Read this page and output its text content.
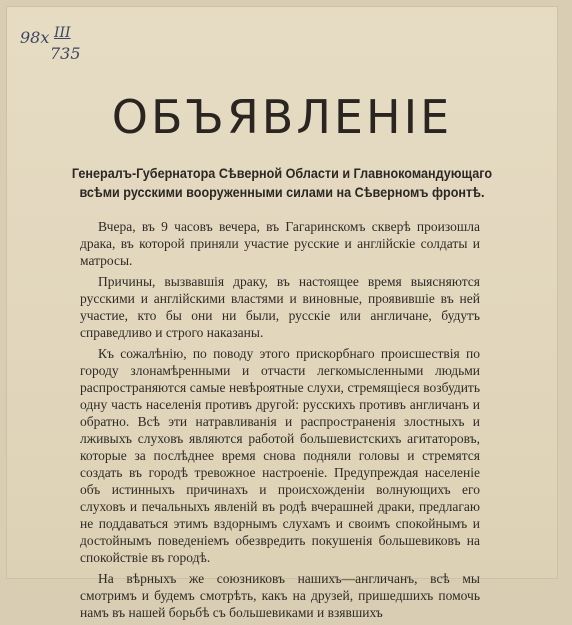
98х III
735
ОБЪЯВЛЕНIЕ
Генералъ-Губернатора Сѣверной Области и Главнокомандующаго всѣми русскими вооруженными силами на Сѣверномъ фронтѣ.

Вчера, въ 9 часовъ вечера, въ Гагаринскомъ скверѣ произошла драка, въ которой приняли участие русские и англійскіе солдаты и матросы.

Причины, вызвавшія драку, въ настоящее время выясняются русскими и англійскими властями и виновные, проявившіе въ ней участие, кто бы они ни были, русскіе или англичане, будутъ справедливо и строго наказаны.

Къ сожалѣнію, по поводу этого прискорбнаго происшествія по городу злонамѣренными и отчасти легкомысленными людьми распространяются самые невѣроятные слухи, стремящіеся возбудить одну часть населенія противъ другой: русскихъ противъ англичанъ и обратно. Всѣ эти натравливанія и распространенія злостныхъ и лживыхъ слуховъ являются работой большевистскихъ агитаторовъ, которые за послѣднее время снова подняли головы и стремятся создать въ городѣ тревожное настроеніе. Предупреждая населеніе объ истинныхъ причинахъ и происхожденіи волнующихъ его слуховъ и печальныхъ явленій въ родѣ вчерашней драки, предлагаю не поддаваться этимъ вздорнымъ слухамъ и своимъ спокойнымъ и достойнымъ поведеніемъ обезвредить покушенія большевиковъ на спокойствіе въ городѣ.

На вѣрныхъ же союзниковъ нашихъ—англичанъ, всѣ мы смотримъ и будемъ смотрѣть, какъ на друзей, пришедшихъ помочь намъ въ нашей борьбѣ съ большевиками и взявшихъ
